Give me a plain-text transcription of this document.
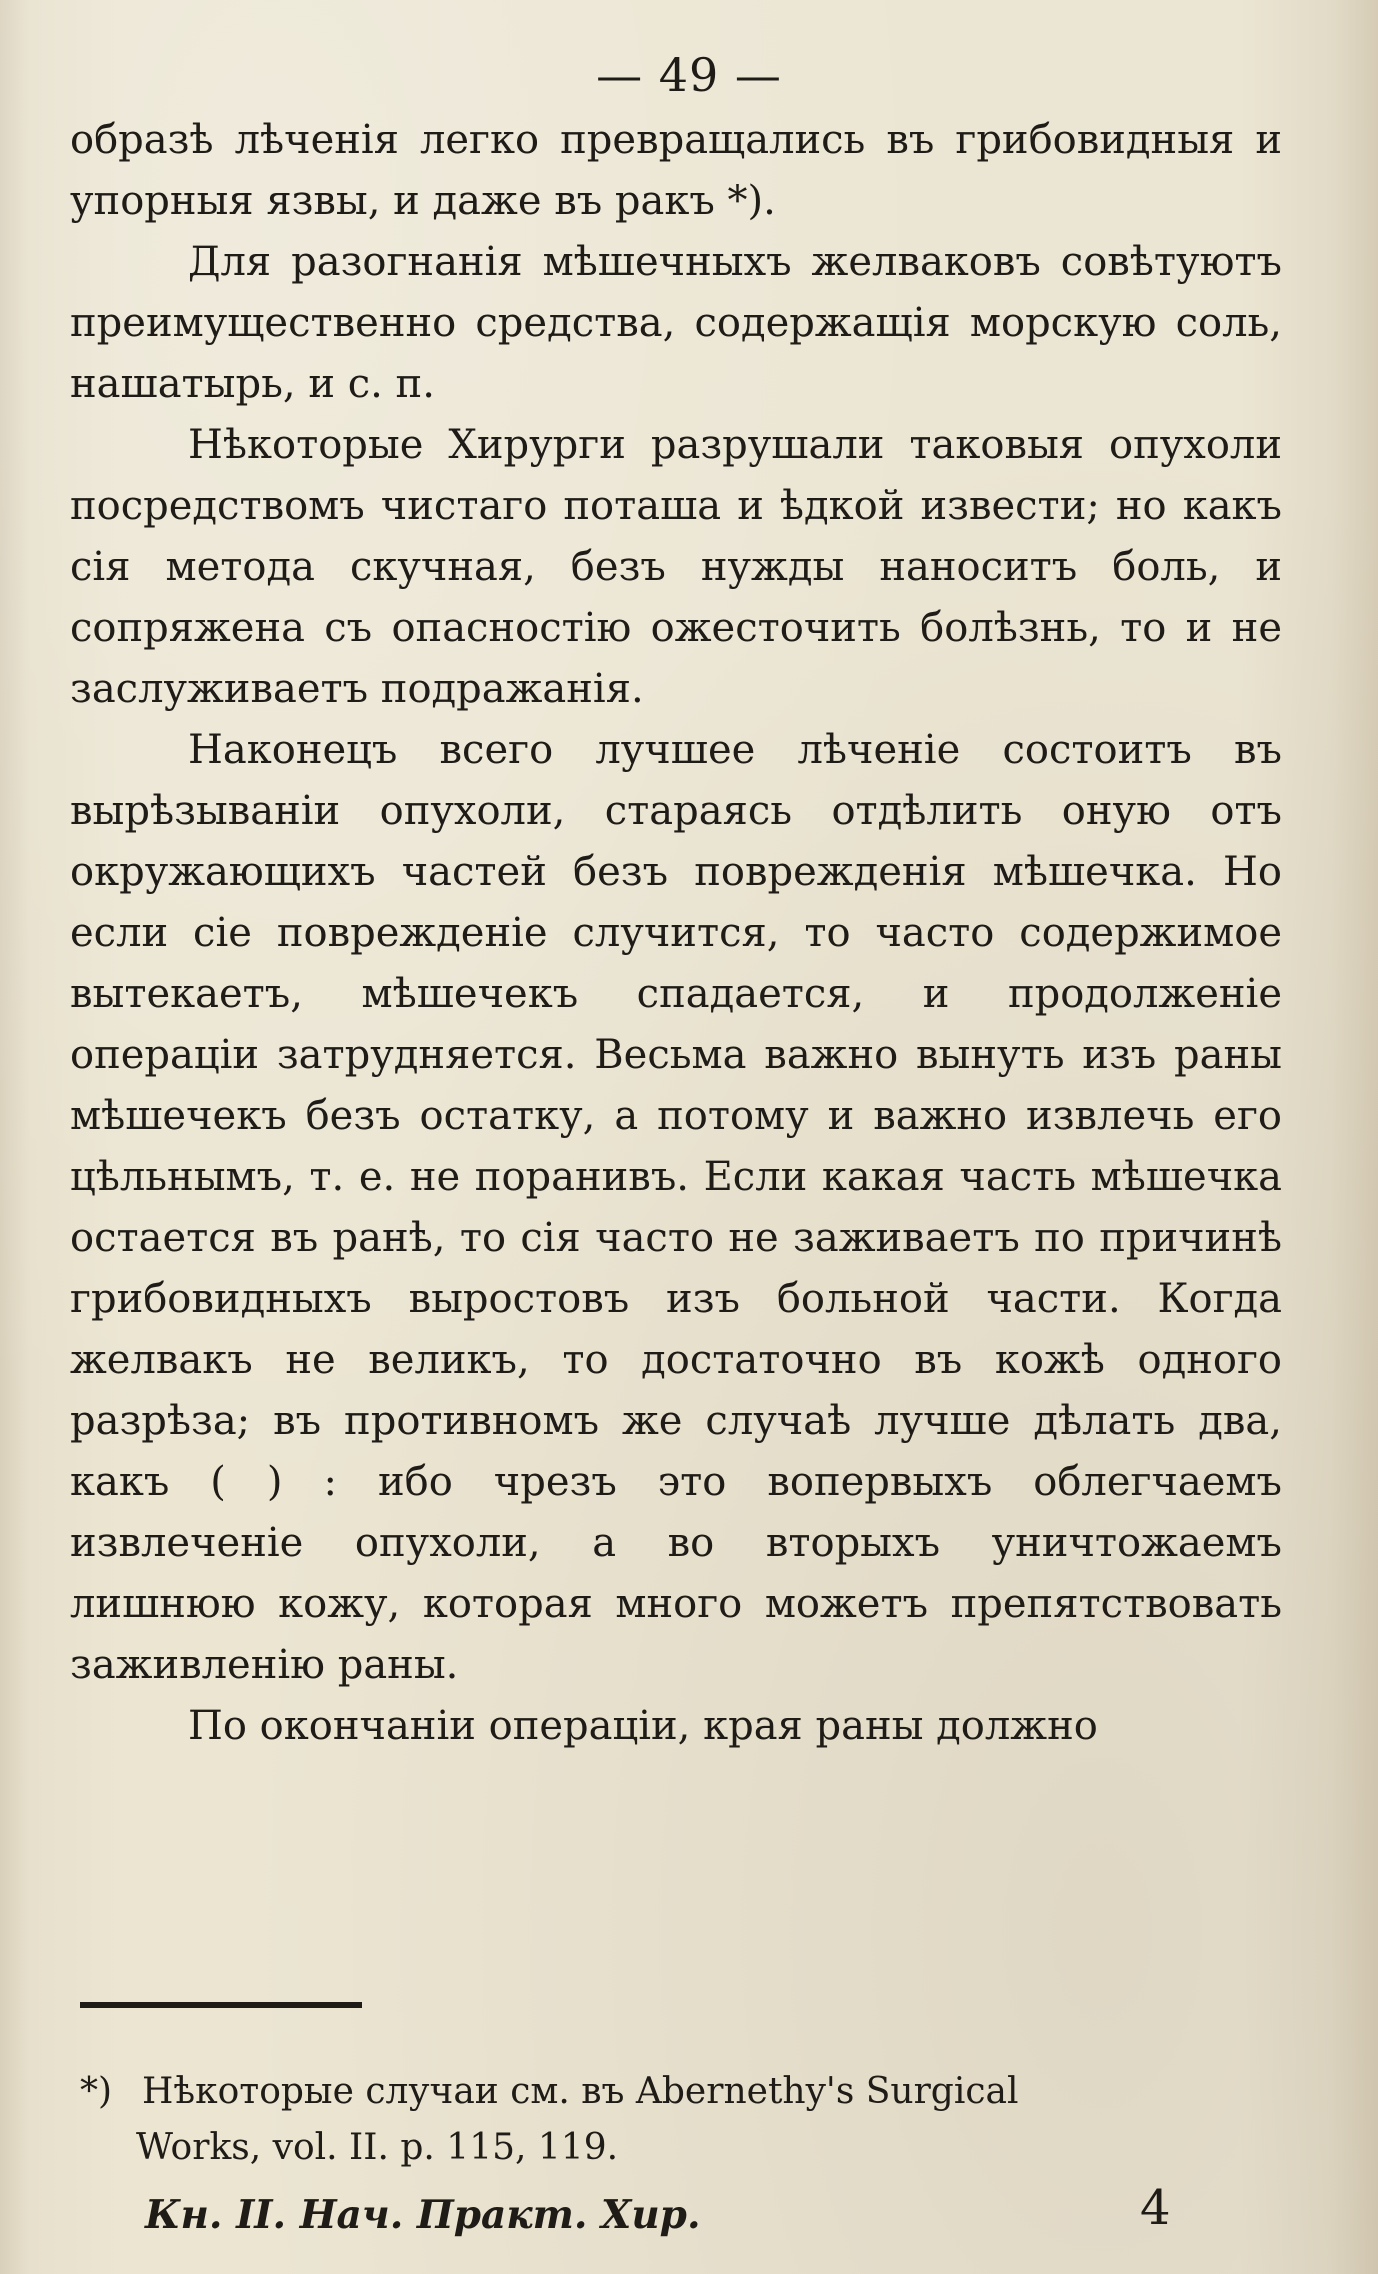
— 49 —

образѣ лѣченія легко превращались въ грибовидныя и упорныя язвы, и даже въ ракъ *).

Для разогнанія мѣшечныхъ желваковъ совѣтуютъ преимущественно средства, содержащія морскую соль, нашатырь, и с. п.

Нѣкоторые Хирурги разрушали таковыя опухоли посредствомъ чистаго поташа и ѣдкой извести; но какъ сія метода скучная, безъ нужды наноситъ боль, и сопряжена съ опасностію ожесточить болѣзнь, то и не заслуживаетъ подражанія.

Наконецъ всего лучшее лѣченіе состоитъ въ вырѣзываніи опухоли, стараясь отдѣлить оную отъ окружающихъ частей безъ поврежденія мѣшечка. Но если сіе поврежденіе случится, то часто содержимое вытекаетъ, мѣшечекъ спадается, и продолженіе операціи затрудняется. Весьма важно вынуть изъ раны мѣшечекъ безъ остатку, а потому и важно извлечь его цѣльнымъ, т. е. не поранивъ. Если какая часть мѣшечка остается въ ранѣ, то сія часто не заживаетъ по причинѣ грибовидныхъ выростовъ изъ больной части. Когда желвакъ не великъ, то достаточно въ кожѣ одного разрѣза; въ противномъ же случаѣ лучше дѣлать два, какъ ( ) : ибо чрезъ это вопервыхъ облегчаемъ извлеченіе опухоли, а во вторыхъ уничтожаемъ лишнюю кожу, которая много можетъ препятствовать заживленію раны.

По окончаніи операціи, края раны должно

*) Нѣкоторые случаи см. въ Abernethy's Surgical
Works, vol. II. p. 115, 119.
Кн. II. Нач. Практ. Хир.	4
